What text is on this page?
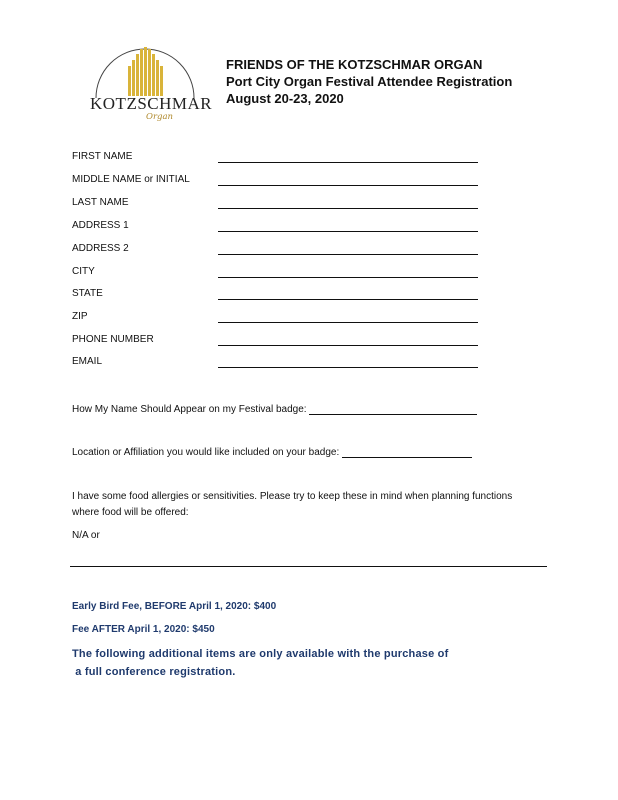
KOTZSCHMAR
Organ
FRIENDS OF THE KOTZSCHMAR ORGAN
Port City Organ Festival Attendee Registration
August 20-23, 2020
FIRST NAME
MIDDLE NAME or INITIAL
LAST NAME
ADDRESS 1
ADDRESS 2
CITY
STATE
ZIP
PHONE NUMBER
EMAIL
How My Name Should Appear on my Festival badge:
Location or Affiliation you would like included on your badge:
I have some food allergies or sensitivities. Please try to keep these in mind when planning functions
where food will be offered:
N/A or
Early Bird Fee, BEFORE April 1, 2020: $400
Fee AFTER April 1, 2020: $450
The following additional items are only available with the purchase of
a full conference registration.
